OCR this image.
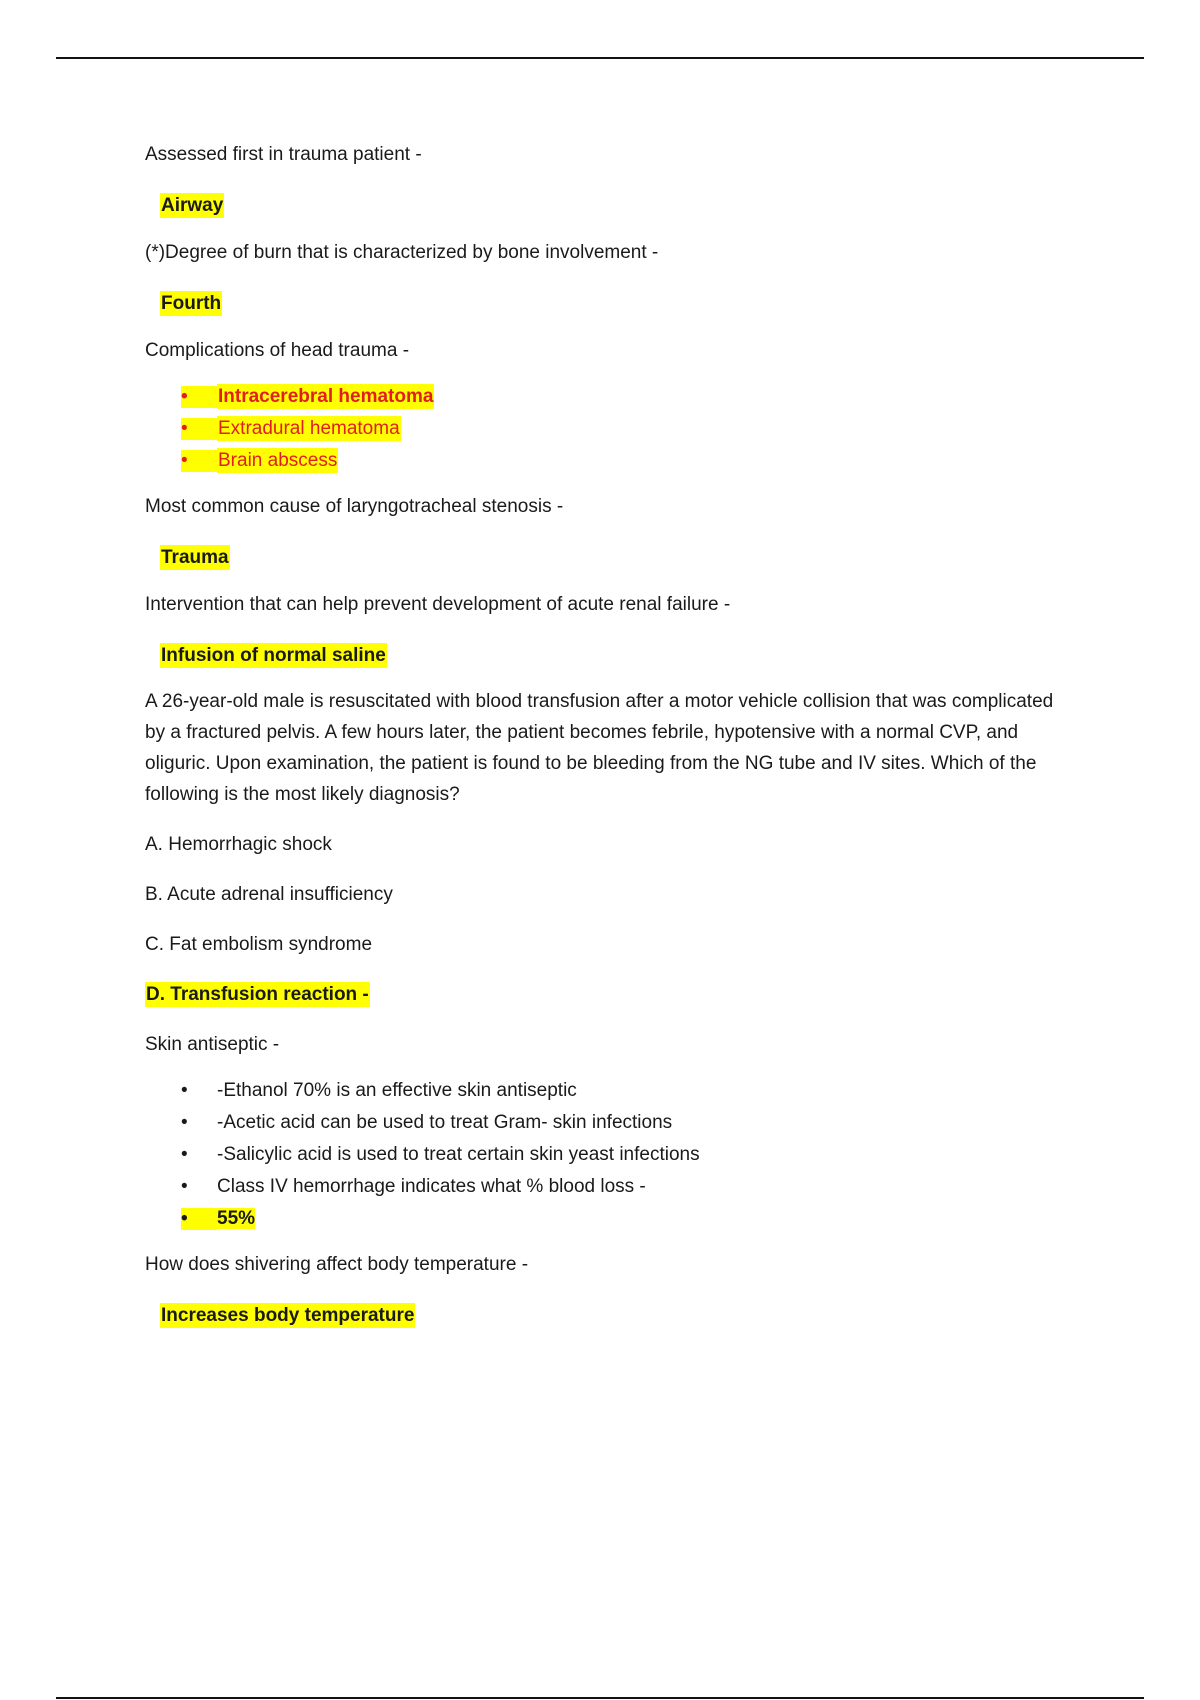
Assessed first in trauma patient -
Airway
(*)Degree of burn that is characterized by bone involvement -
Fourth
Complications of head trauma -
•	Intracerebral hematoma
•	Extradural hematoma
•	Brain abscess
Most common cause of laryngotracheal stenosis -
Trauma
Intervention that can help prevent development of acute renal failure -
Infusion of normal saline
A 26-year-old male is resuscitated with blood transfusion after a motor vehicle collision that was complicated by a fractured pelvis. A few hours later, the patient becomes febrile, hypotensive with a normal CVP, and oliguric. Upon examination, the patient is found to be bleeding from the NG tube and IV sites. Which of the following is the most likely diagnosis?
A. Hemorrhagic shock
B. Acute adrenal insufficiency
C. Fat embolism syndrome
D. Transfusion reaction -
Skin antiseptic -
•	-Ethanol 70% is an effective skin antiseptic
•	-Acetic acid can be used to treat Gram- skin infections
•	-Salicylic acid is used to treat certain skin yeast infections
•	Class IV hemorrhage indicates what % blood loss -
•	55%
How does shivering affect body temperature -
Increases body temperature
